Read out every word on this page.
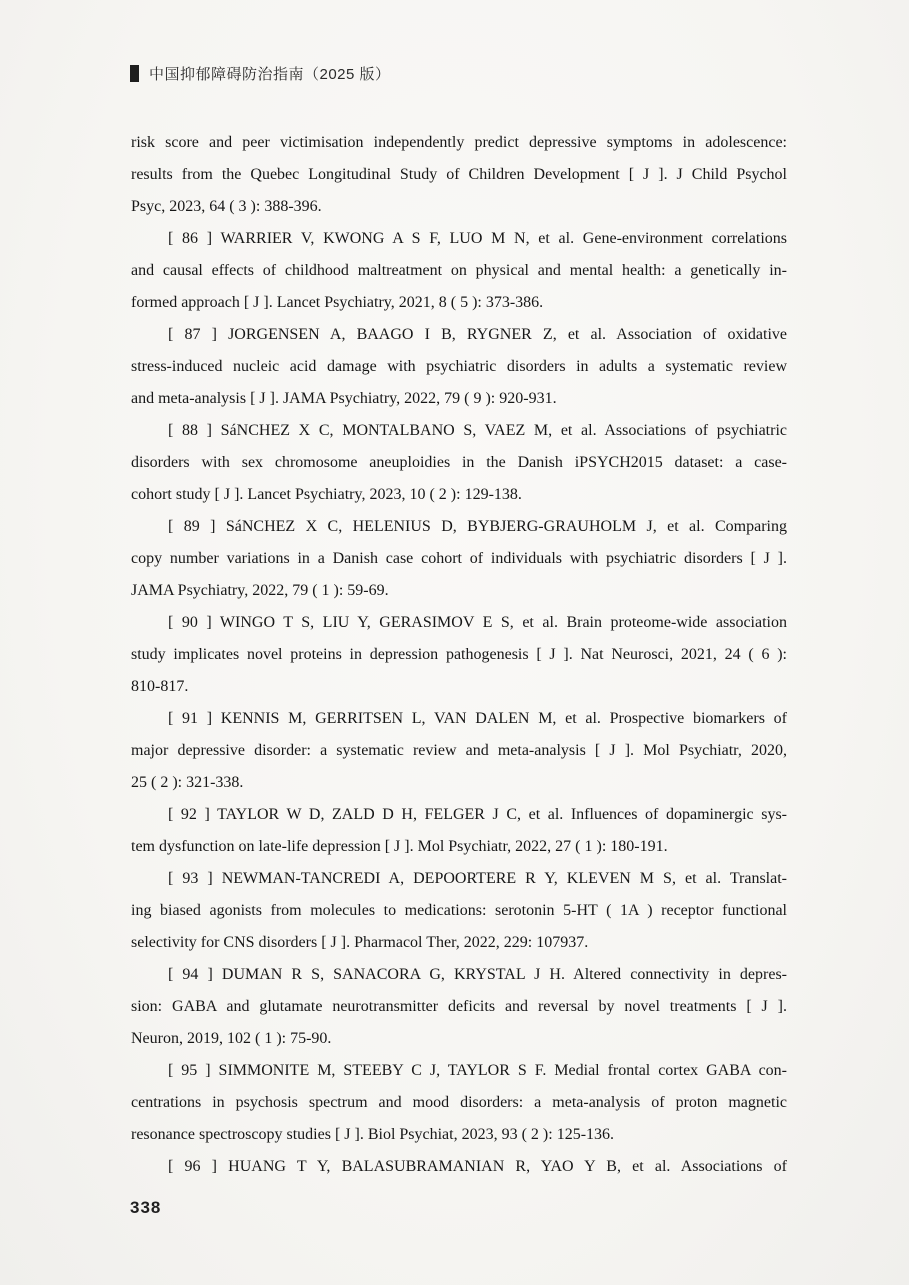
中国抑郁障碍防治指南（2025 版）
risk score and peer victimisation independently predict depressive symptoms in adolescence:
results from the Quebec Longitudinal Study of Children Development [ J ]. J Child Psychol
Psyc, 2023, 64 ( 3 ): 388-396.
[ 86 ] WARRIER V, KWONG A S F, LUO M N, et al. Gene-environment correlations
and causal effects of childhood maltreatment on physical and mental health: a genetically in-
formed approach [ J ]. Lancet Psychiatry, 2021, 8 ( 5 ): 373-386.
[ 87 ] JORGENSEN A, BAAGO I B, RYGNER Z, et al. Association of oxidative
stress-induced nucleic acid damage with psychiatric disorders in adults a systematic review
and meta-analysis [ J ]. JAMA Psychiatry, 2022, 79 ( 9 ): 920-931.
[ 88 ] SáNCHEZ X C, MONTALBANO S, VAEZ M, et al. Associations of psychiatric
disorders with sex chromosome aneuploidies in the Danish iPSYCH2015 dataset: a case-
cohort study [ J ]. Lancet Psychiatry, 2023, 10 ( 2 ): 129-138.
[ 89 ] SáNCHEZ X C, HELENIUS D, BYBJERG-GRAUHOLM J, et al. Comparing
copy number variations in a Danish case cohort of individuals with psychiatric disorders [ J ].
JAMA Psychiatry, 2022, 79 ( 1 ): 59-69.
[ 90 ] WINGO T S, LIU Y, GERASIMOV E S, et al. Brain proteome-wide association
study implicates novel proteins in depression pathogenesis [ J ]. Nat Neurosci, 2021, 24 ( 6 ):
810-817.
[ 91 ] KENNIS M, GERRITSEN L, VAN DALEN M, et al. Prospective biomarkers of
major depressive disorder: a systematic review and meta-analysis [ J ]. Mol Psychiatr, 2020,
25 ( 2 ): 321-338.
[ 92 ] TAYLOR W D, ZALD D H, FELGER J C, et al. Influences of dopaminergic sys-
tem dysfunction on late-life depression [ J ]. Mol Psychiatr, 2022, 27 ( 1 ): 180-191.
[ 93 ] NEWMAN-TANCREDI A, DEPOORTERE R Y, KLEVEN M S, et al. Translat-
ing biased agonists from molecules to medications: serotonin 5-HT ( 1A ) receptor functional
selectivity for CNS disorders [ J ]. Pharmacol Ther, 2022, 229: 107937.
[ 94 ] DUMAN R S, SANACORA G, KRYSTAL J H. Altered connectivity in depres-
sion: GABA and glutamate neurotransmitter deficits and reversal by novel treatments [ J ].
Neuron, 2019, 102 ( 1 ): 75-90.
[ 95 ] SIMMONITE M, STEEBY C J, TAYLOR S F. Medial frontal cortex GABA con-
centrations in psychosis spectrum and mood disorders: a meta-analysis of proton magnetic
resonance spectroscopy studies [ J ]. Biol Psychiat, 2023, 93 ( 2 ): 125-136.
[ 96 ] HUANG T Y, BALASUBRAMANIAN R, YAO Y B, et al. Associations of
338
